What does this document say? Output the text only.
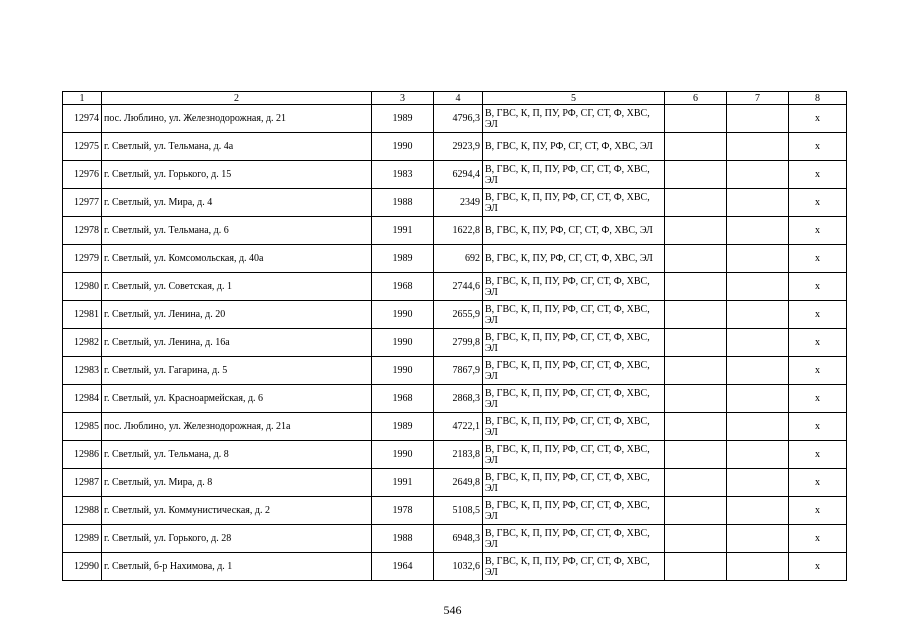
1	2	3	4	5	6	7	8
12974	пос. Люблино, ул. Железнодорожная, д. 21	1989	4796,3	В, ГВС, К, П, ПУ, РФ, СГ, СТ, Ф, ХВС, ЭЛ			х
12975	г. Светлый, ул. Тельмана, д. 4а	1990	2923,9	В, ГВС, К, ПУ, РФ, СГ, СТ, Ф, ХВС, ЭЛ			х
12976	г. Светлый, ул. Горького, д. 15	1983	6294,4	В, ГВС, К, П, ПУ, РФ, СГ, СТ, Ф, ХВС, ЭЛ			х
12977	г. Светлый, ул. Мира, д. 4	1988	2349	В, ГВС, К, П, ПУ, РФ, СГ, СТ, Ф, ХВС, ЭЛ			х
12978	г. Светлый, ул. Тельмана, д. 6	1991	1622,8	В, ГВС, К, ПУ, РФ, СГ, СТ, Ф, ХВС, ЭЛ			х
12979	г. Светлый, ул. Комсомольская, д. 40а	1989	692	В, ГВС, К, ПУ, РФ, СГ, СТ, Ф, ХВС, ЭЛ			х
12980	г. Светлый, ул. Советская, д. 1	1968	2744,6	В, ГВС, К, П, ПУ, РФ, СГ, СТ, Ф, ХВС, ЭЛ			х
12981	г. Светлый, ул. Ленина, д. 20	1990	2655,9	В, ГВС, К, П, ПУ, РФ, СГ, СТ, Ф, ХВС, ЭЛ			х
12982	г. Светлый, ул. Ленина, д. 16а	1990	2799,8	В, ГВС, К, П, ПУ, РФ, СГ, СТ, Ф, ХВС, ЭЛ			х
12983	г. Светлый, ул. Гагарина, д. 5	1990	7867,9	В, ГВС, К, П, ПУ, РФ, СГ, СТ, Ф, ХВС, ЭЛ			х
12984	г. Светлый, ул. Красноармейская, д. 6	1968	2868,3	В, ГВС, К, П, ПУ, РФ, СГ, СТ, Ф, ХВС, ЭЛ			х
12985	пос. Люблино, ул. Железнодорожная, д. 21а	1989	4722,1	В, ГВС, К, П, ПУ, РФ, СГ, СТ, Ф, ХВС, ЭЛ			х
12986	г. Светлый, ул. Тельмана, д. 8	1990	2183,8	В, ГВС, К, П, ПУ, РФ, СГ, СТ, Ф, ХВС, ЭЛ			х
12987	г. Светлый, ул. Мира, д. 8	1991	2649,8	В, ГВС, К, П, ПУ, РФ, СГ, СТ, Ф, ХВС, ЭЛ			х
12988	г. Светлый, ул. Коммунистическая, д. 2	1978	5108,5	В, ГВС, К, П, ПУ, РФ, СГ, СТ, Ф, ХВС, ЭЛ			х
12989	г. Светлый, ул. Горького, д. 28	1988	6948,3	В, ГВС, К, П, ПУ, РФ, СГ, СТ, Ф, ХВС, ЭЛ			х
12990	г. Светлый, б-р Нахимова, д. 1	1964	1032,6	В, ГВС, К, П, ПУ, РФ, СГ, СТ, Ф, ХВС, ЭЛ			х
546
